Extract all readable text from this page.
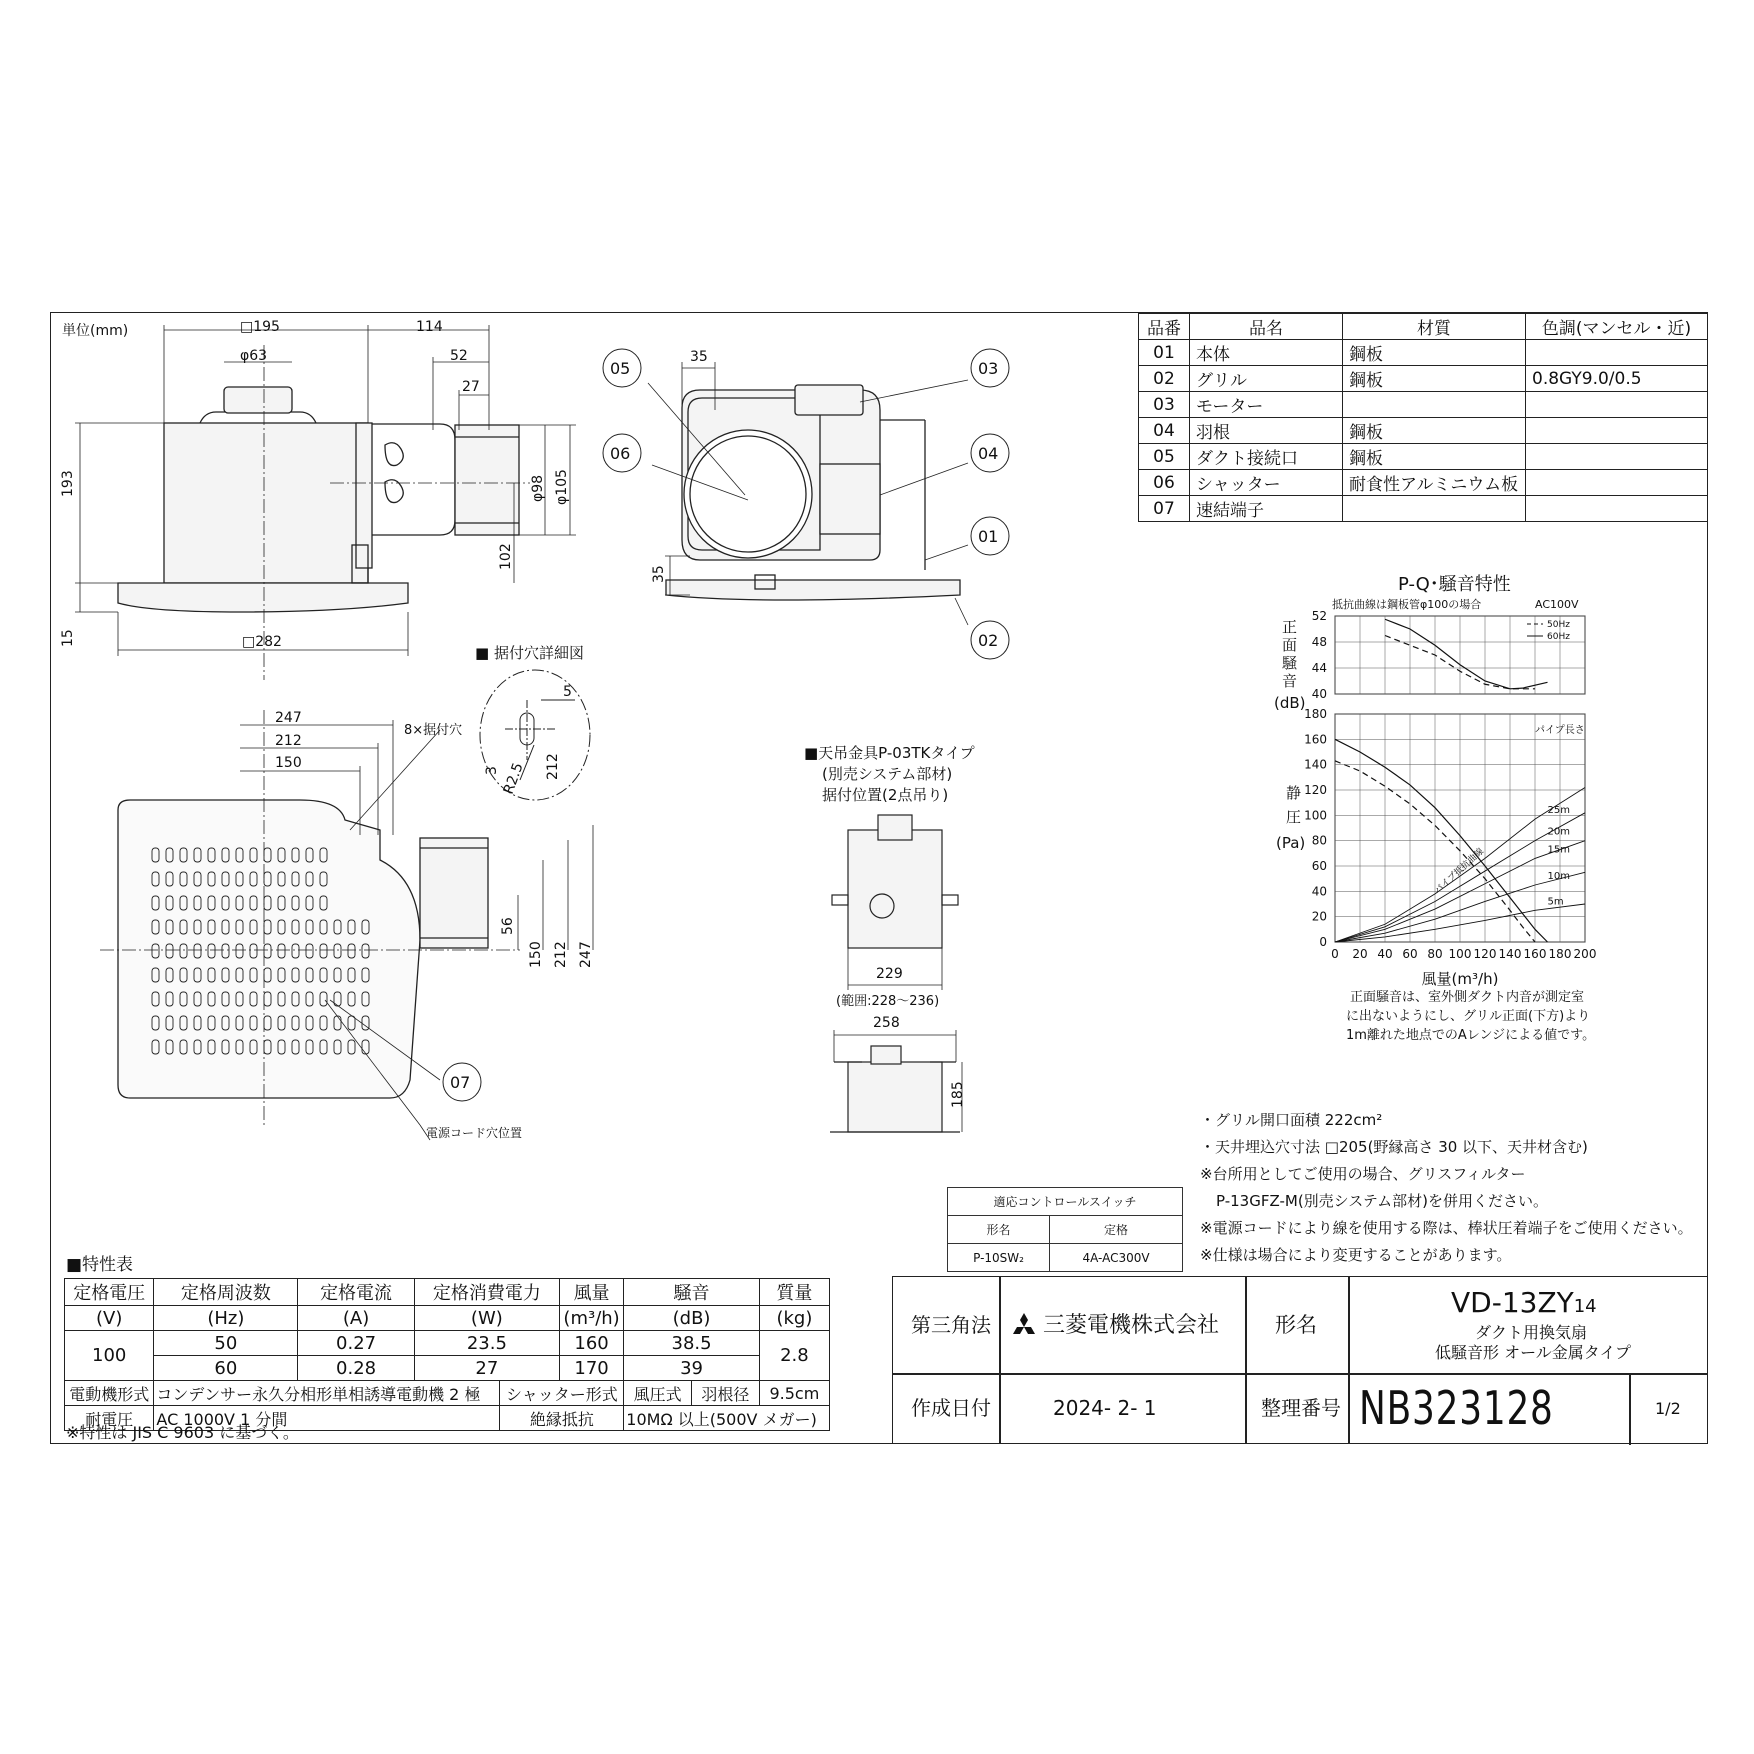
単位(mm)	品番	品名	材質	色調(マンセル・近)
01	本体	鋼板	
02	グリル	鋼板	0.8GY9.0/0.5
03	モーター		
04	羽根	鋼板	
05	ダクト接続口	鋼板	
06	シャッター	耐食性アルミニウム板	
07	速結端子		
□195	114
φ63	52
27
193	φ98 φ105
102
15	□282
05
06
03
04
01
02
35
35
■ 据付穴詳細図
5
3 R2.5 212
247
212
150
8×据付穴
56
150 212 247
07
電源コード穴位置
■天吊金具P-03TKタイプ
(別売システム部材)
据付位置(2点吊り)
229
258
185
(範囲:228～236)
P-Q･騒音特性
40
44
48
52
抵抗曲線は鋼板管φ100の場合	AC100V
50Hz
60Hz
正
面
騒
音
(dB)
0 20 40 60 80 100 120 140 160 180 200
0
20
40
60
80
100
120
140
160
180
5m
10m
15m
20m
25m
パイプ長さ
パイプ抵抗曲線
静
圧
(Pa)
風量(m³/h)
正面騒音は、室外側ダクト内音が測定室
に出ないようにし、グリル正面(下方)より
1m離れた地点でのAレンジによる値です。
・グリル開口面積 222cm²
・天井埋込穴寸法 □205(野縁高さ 30 以下、天井材含む)
※台所用としてご使用の場合、グリスフィルター
P-13GFZ-M(別売システム部材)を併用ください。
※電源コードにより線を使用する際は、棒状圧着端子をご使用ください。
※仕様は場合により変更することがあります。
適応コントロールスイッチ	
形名	定格
P-10SW₂	4A-AC300V
■特性表
定格電圧	定格周波数	定格電流	定格消費電力		風量	騒音		質量
(V)	(Hz)	(A)	(W)		(m³/h)	(dB)		(kg)
100	50	0.27	23.5		160	38.5		2.8
	60	0.28	27		170	39		
電動機形式	コンデンサー永久分相形単相誘導電動機 2 極			シャッター形式		風圧式	羽根径	9.5cm
耐電圧	AC 1000V 1 分間			絶縁抵抗		10MΩ 以上(500V メガー)		
※特性は JIS C 9603 に基づく。
第三角法 三菱電機株式会社	形名
VD-13ZY14
ダクト用換気扇
低騒音形 オール金属タイプ
作成日付	2024- 2- 1	整理番号 NB323128	1/2
